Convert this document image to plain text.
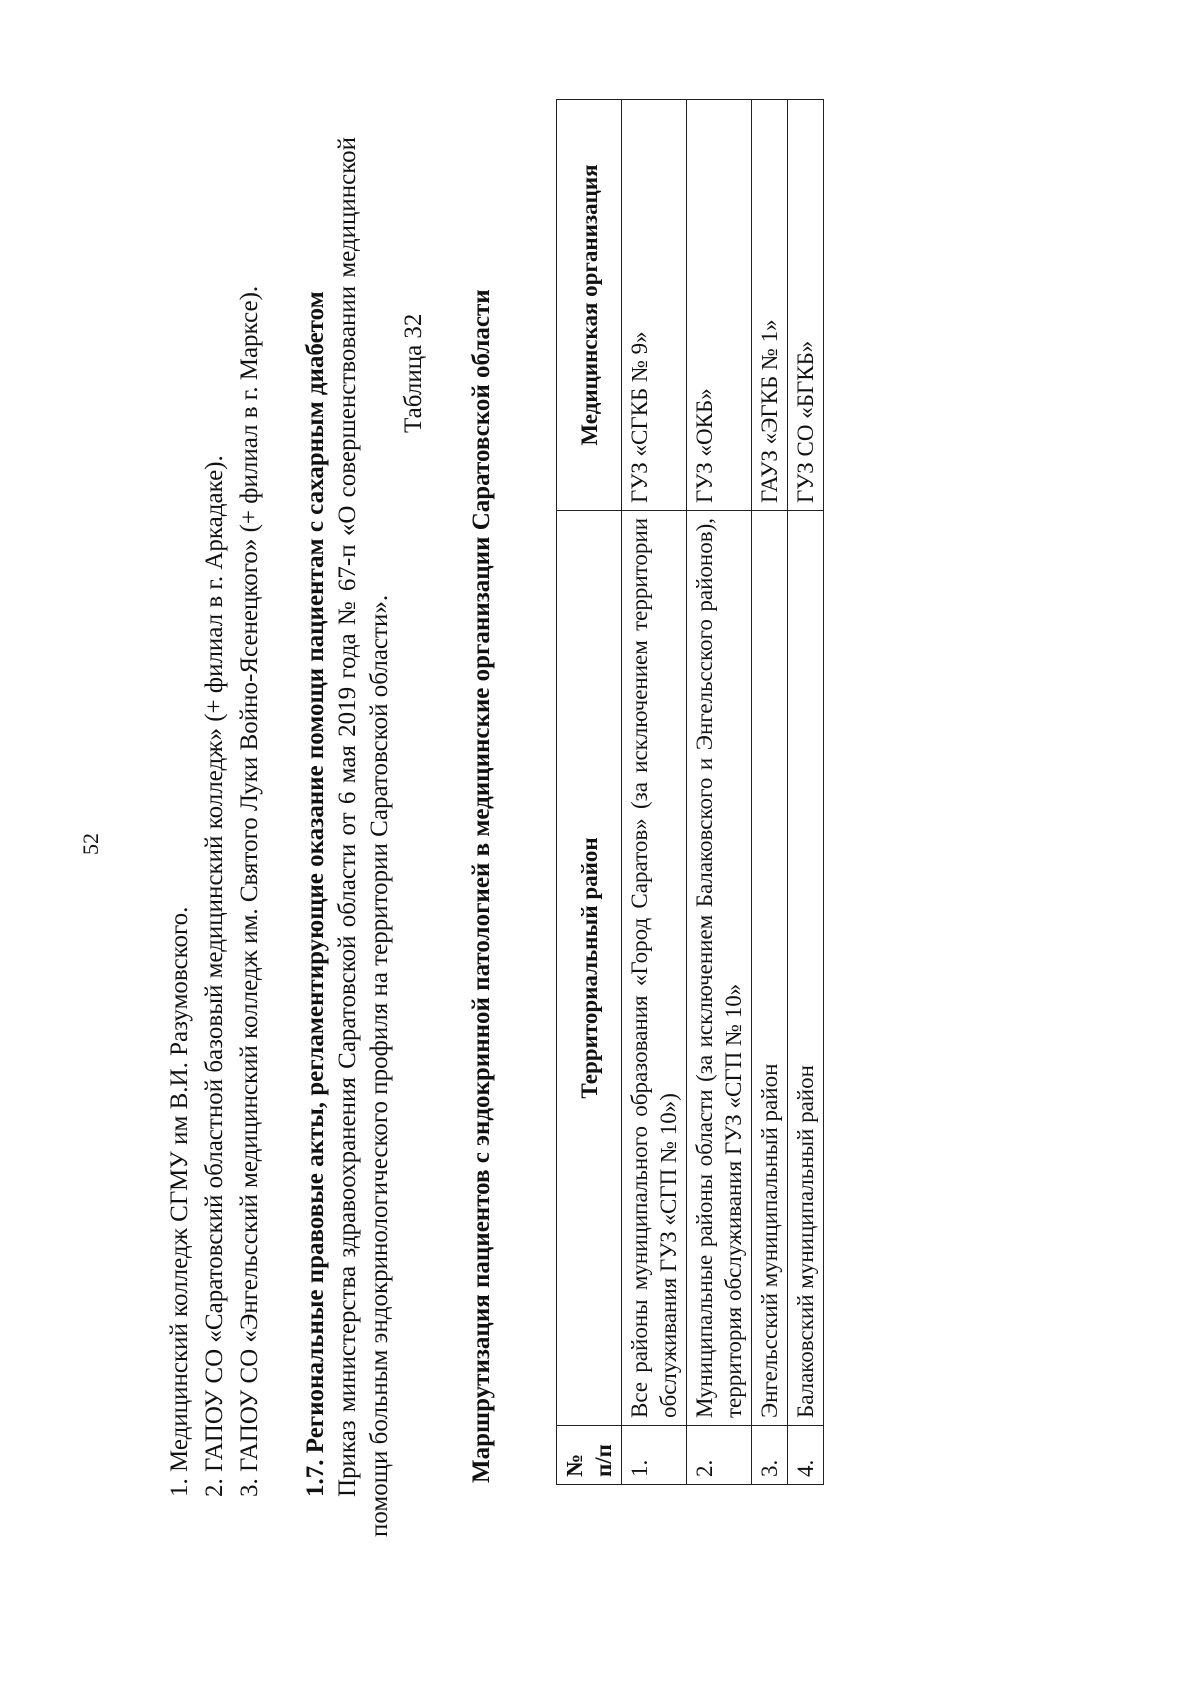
52
1. Медицинский колледж СГМУ им В.И. Разумовского. 2. ГАПОУ СО «Саратовский областной базовый медицинский колледж» (+ филиал в г. Аркадаке). 3. ГАПОУ СО «Энгельсский медицинский колледж им. Святого Луки Войно-Ясенецкого» (+ филиал в г. Марксе). 1.7. Региональные правовые акты, регламентирующие оказание помощи пациентам с сахарным диабетом Приказ министерства здравоохранения Саратовской области от 6 мая 2019 года № 67-п «О совершенствовании медицинской помощи больным эндокринологического профиля на территории Саратовской области».
Таблица 32 Маршрутизация пациентов с эндокринной патологией в медицинские организации Саратовской области	№ п/п	Территориальный район	Медицинская организация
1.	Все районы муниципального образования «Город Саратов» (за исключением территории обслуживания ГУЗ «СГП № 10»)	ГУЗ «СГКБ № 9»
2.	Муниципальные районы области (за исключением Балаковского и Энгельсского районов), территория обслуживания ГУЗ «СГП № 10»	ГУЗ «ОКБ»
3.	Энгельсский муниципальный район	ГАУЗ «ЭГКБ № 1»
4.	Балаковский муниципальный район	ГУЗ СО «БГКБ»
